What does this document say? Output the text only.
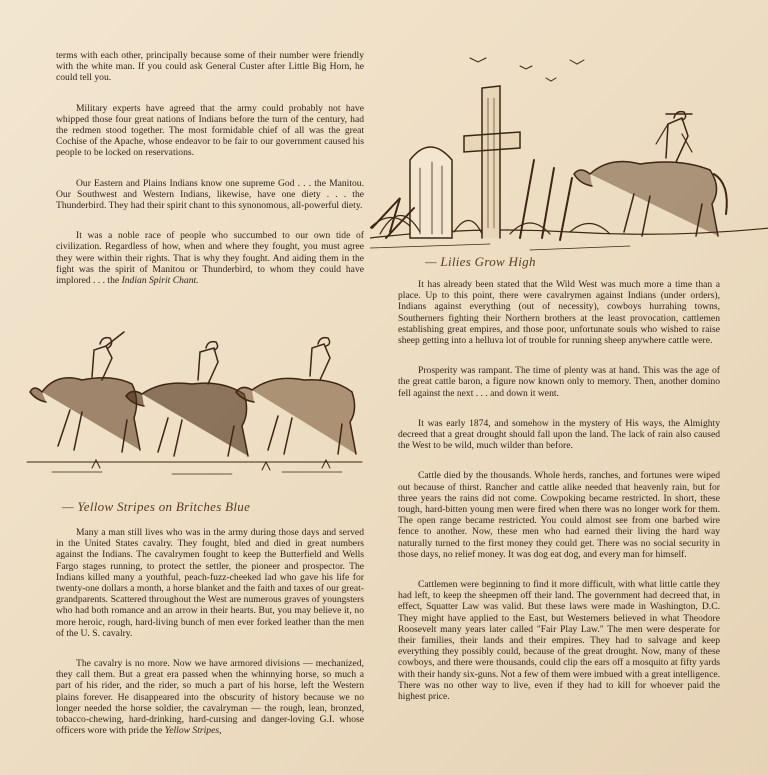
terms with each other, principally because some of their number were friendly with the white man. If you could ask General Custer after Little Big Horn, he could tell you.

Military experts have agreed that the army could probably not have whipped those four great nations of Indians before the turn of the century, had the redmen stood together. The most formidable chief of all was the great Cochise of the Apache, whose endeavor to be fair to our government caused his people to be locked on reservations.

Our Eastern and Plains Indians know one supreme God . . . the Manitou. Our Southwest and Western Indians, likewise, have one diety . . . the Thunderbird. They had their spirit chant to this synonomous, all-powerful diety.

It was a noble race of people who succumbed to our own tide of civilization. Regardless of how, when and where they fought, you must agree they were within their rights. That is why they fought. And aiding them in the fight was the spirit of Manitou or Thunderbird, to whom they could have implored . . . the Indian Spirit Chant.

— Yellow Stripes on Britches Blue

Many a man still lives who was in the army during those days and served in the United States cavalry. They fought, bled and died in great numbers against the Indians. The cavalrymen fought to keep the Butterfield and Wells Fargo stages running, to protect the settler, the pioneer and prospector. The Indians killed many a youthful, peach-fuzz-cheeked lad who gave his life for twenty-one dollars a month, a horse blanket and the faith and taxes of our great-grandparents. Scattered throughout the West are numerous graves of youngsters who had both romance and an arrow in their hearts. But, you may believe it, no more heroic, rough, hard-living bunch of men ever forked leather than the men of the U. S. cavalry.

The cavalry is no more. Now we have armored divisions — mechanized, they call them. But a great era passed when the whinnying horse, so much a part of his rider, and the rider, so much a part of his horse, left the Western plains forever. He disappeared into the obscurity of history because we no longer needed the horse soldier, the cavalryman — the rough, lean, bronzed, tobacco-chewing, hard-drinking, hard-cursing and danger-loving G.I. whose officers wore with pride the Yellow Stripes,

— Lilies Grow High

It has already been stated that the Wild West was much more a time than a place. Up to this point, there were cavalrymen against Indians (under orders), Indians against everything (out of necessity), cowboys hurrahing towns, Southerners fighting their Northern brothers at the least provocation, cattlemen establishing great empires, and those poor, unfortunate souls who wished to raise sheep getting into a helluva lot of trouble for running sheep anywhere cattle were.

Prosperity was rampant. The time of plenty was at hand. This was the age of the great cattle baron, a figure now known only to memory. Then, another domino fell against the next . . . and down it went.

It was early 1874, and somehow in the mystery of His ways, the Almighty decreed that a great drought should fall upon the land. The lack of rain also caused the West to be wild, much wilder than before.

Cattle died by the thousands. Whole herds, ranches, and fortunes were wiped out because of thirst. Rancher and cattle alike needed that heavenly rain, but for three years the rains did not come. Cowpoking became restricted. In short, these tough, hard-bitten young men were fired when there was no longer work for them. The open range became restricted. You could almost see from one barbed wire fence to another. Now, these men who had earned their living the hard way naturally turned to the first money they could get. There was no social security in those days, no relief money. It was dog eat dog, and every man for himself.

Cattlemen were beginning to find it more difficult, with what little cattle they had left, to keep the sheepmen off their land. The government had decreed that, in effect, Squatter Law was valid. But these laws were made in Washington, D.C. They might have applied to the East, but Westerners believed in what Theodore Roosevelt many years later called "Fair Play Law." The men were desperate for their families, their lands and their empires. They had to salvage and keep everything they possibly could, because of the great drought. Now, many of these cowboys, and there were thousands, could clip the ears off a mosquito at fifty yards with their handy six-guns. Not a few of them were imbued with a great intelligence. There was no other way to live, even if they had to kill for whoever paid the highest price.
